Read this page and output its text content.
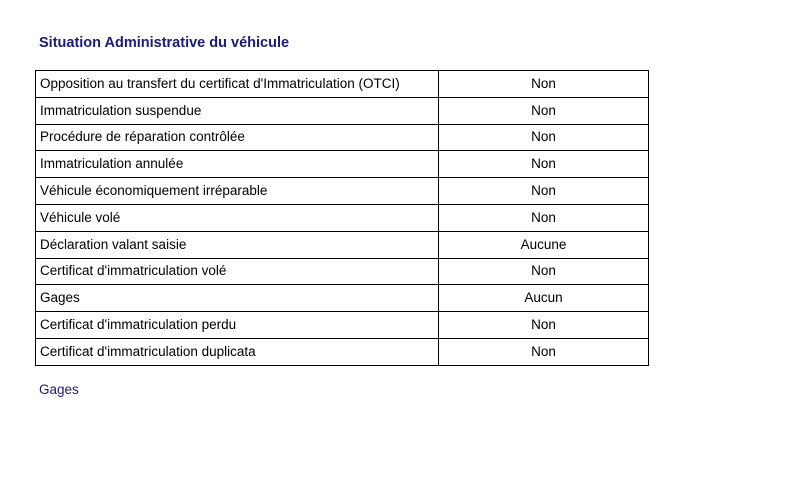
Situation Administrative du véhicule
Opposition au transfert du certificat d'Immatriculation (OTCI)	Non
Immatriculation suspendue	Non
Procédure de réparation contrôlée	Non
Immatriculation annulée	Non
Véhicule économiquement irréparable	Non
Véhicule volé	Non
Déclaration valant saisie	Aucune
Certificat d'immatriculation volé	Non
Gages	Aucun
Certificat d'immatriculation perdu	Non
Certificat d'immatriculation duplicata	Non
Gages
